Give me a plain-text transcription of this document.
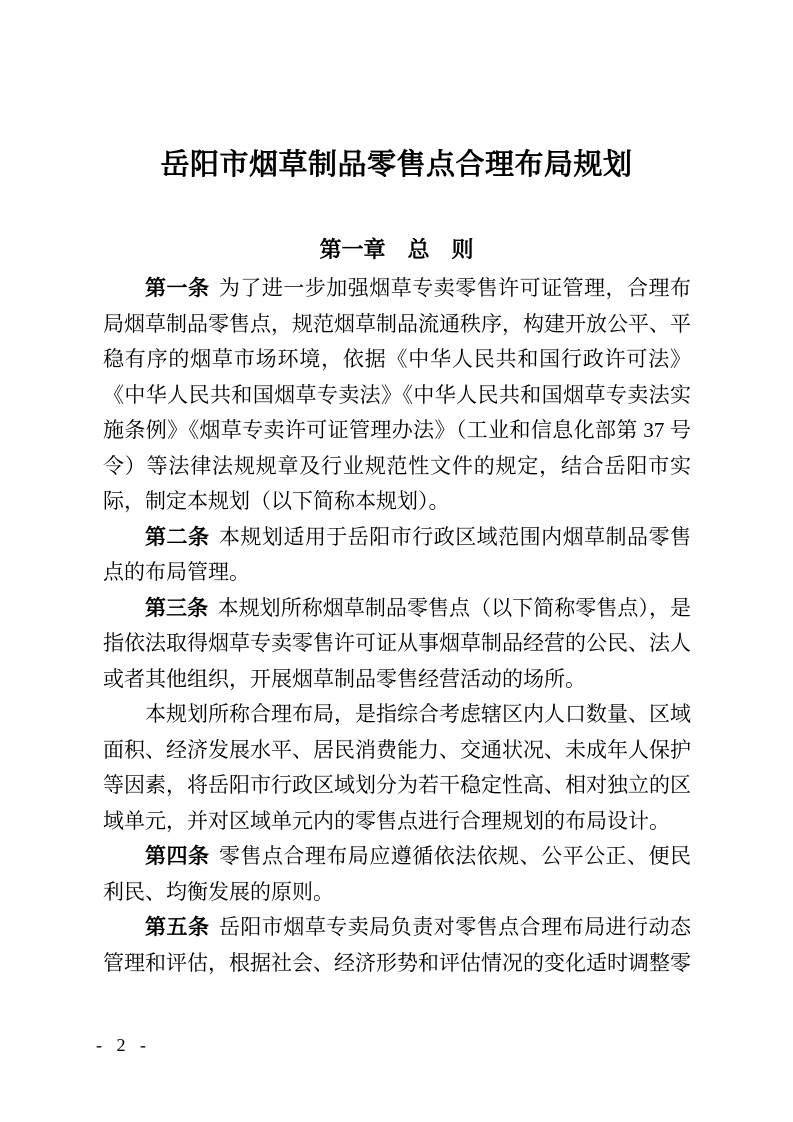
岳阳市烟草制品零售点合理布局规划
第一章　总　则

第一条 为了进一步加强烟草专卖零售许可证管理，合理布局烟草制品零售点，规范烟草制品流通秩序，构建开放公平、平稳有序的烟草市场环境，依据《中华人民共和国行政许可法》《中华人民共和国烟草专卖法》《中华人民共和国烟草专卖法实施条例》《烟草专卖许可证管理办法》（工业和信息化部第 37 号令）等法律法规规章及行业规范性文件的规定，结合岳阳市实际，制定本规划（以下简称本规划）。

第二条 本规划适用于岳阳市行政区域范围内烟草制品零售点的布局管理。

第三条 本规划所称烟草制品零售点（以下简称零售点），是指依法取得烟草专卖零售许可证从事烟草制品经营的公民、法人或者其他组织，开展烟草制品零售经营活动的场所。

本规划所称合理布局，是指综合考虑辖区内人口数量、区域面积、经济发展水平、居民消费能力、交通状况、未成年人保护等因素，将岳阳市行政区域划分为若干稳定性高、相对独立的区域单元，并对区域单元内的零售点进行合理规划的布局设计。

第四条 零售点合理布局应遵循依法依规、公平公正、便民利民、均衡发展的原则。

第五条 岳阳市烟草专卖局负责对零售点合理布局进行动态管理和评估，根据社会、经济形势和评估情况的变化适时调整零

- 2 -
